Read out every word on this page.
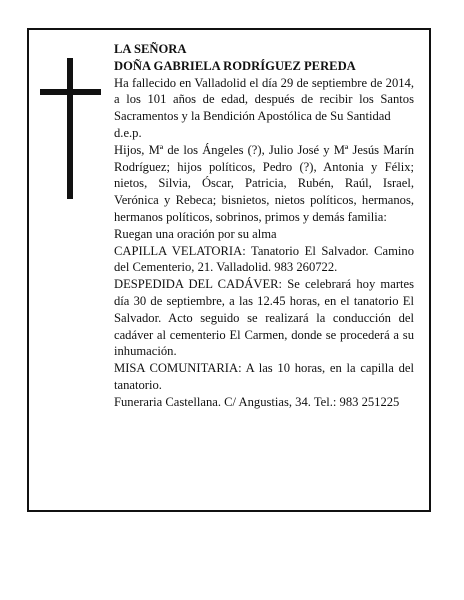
LA SEÑORA

DOÑA GABRIELA RODRÍGUEZ PEREDA

Ha fallecido en Valladolid el día 29 de septiembre de 2014, a los 101 años de edad, después de recibir los Santos Sacramentos y la Bendición Apostólica de Su Santidad

d.e.p.

Hijos, Mª de los Ángeles (?), Julio José y Mª Jesús Marín Rodríguez; hijos políticos, Pedro (?), Antonia y Félix; nietos, Silvia, Óscar, Patricia, Rubén, Raúl, Israel, Verónica y Rebeca; bisnietos, nietos políticos, hermanos, hermanos políticos, sobrinos, primos y demás familia:

Ruegan una oración por su alma

CAPILLA VELATORIA: Tanatorio El Salvador. Camino del Cementerio, 21. Valladolid. 983 260722.

DESPEDIDA DEL CADÁVER: Se celebrará hoy martes día 30 de septiembre, a las 12.45 horas, en el tanatorio El Salvador. Acto seguido se realizará la conducción del cadáver al cementerio El Carmen, donde se procederá a su inhumación.

MISA COMUNITARIA: A las 10 horas, en la capilla del tanatorio.

Funeraria Castellana. C/ Angustias, 34. Tel.: 983 251225
